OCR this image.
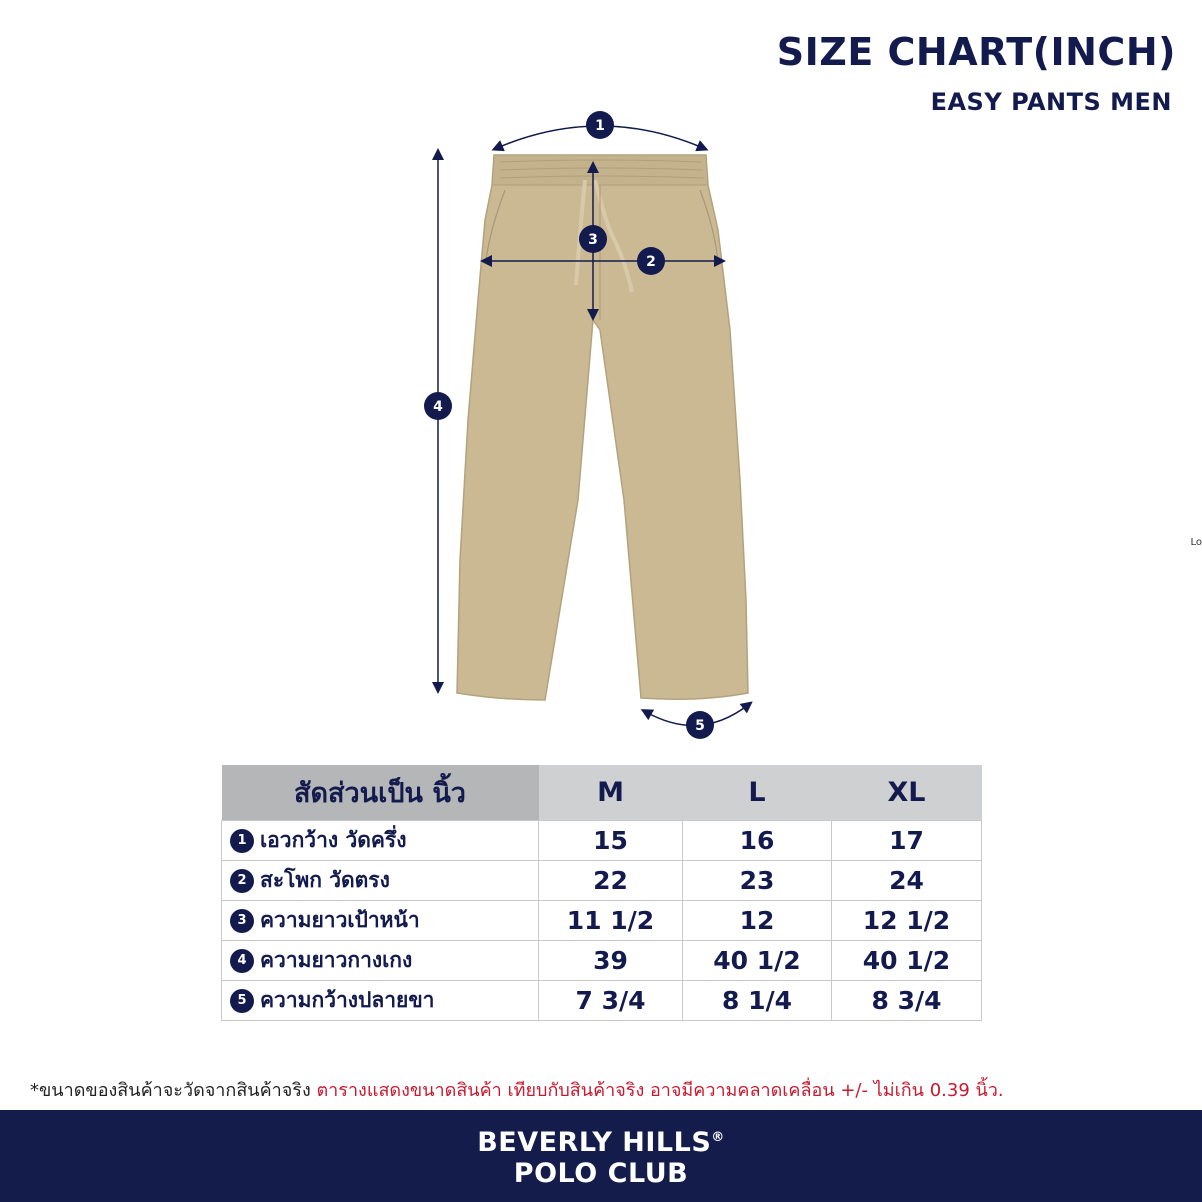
SIZE CHART(INCH)
EASY PANTS MEN
Lo
1
2
3
4
5
สัดส่วนเป็น นิ้ว	M	L	XL
1 เอวกว้าง วัดครึ่ง	15	16	17
2 สะโพก วัดตรง	22	23	24
3 ความยาวเป้าหน้า	11 1/2	12	12 1/2
4 ความยาวกางเกง	39	40 1/2	40 1/2
5 ความกว้างปลายขา	7 3/4	8 1/4	8 3/4
*ขนาดของสินค้าจะวัดจากสินค้าจริง ตารางแสดงขนาดสินค้า เทียบกับสินค้าจริง อาจมีความคลาดเคลื่อน +/- ไม่เกิน 0.39 นิ้ว.
BEVERLY HILLS®
POLO CLUB
